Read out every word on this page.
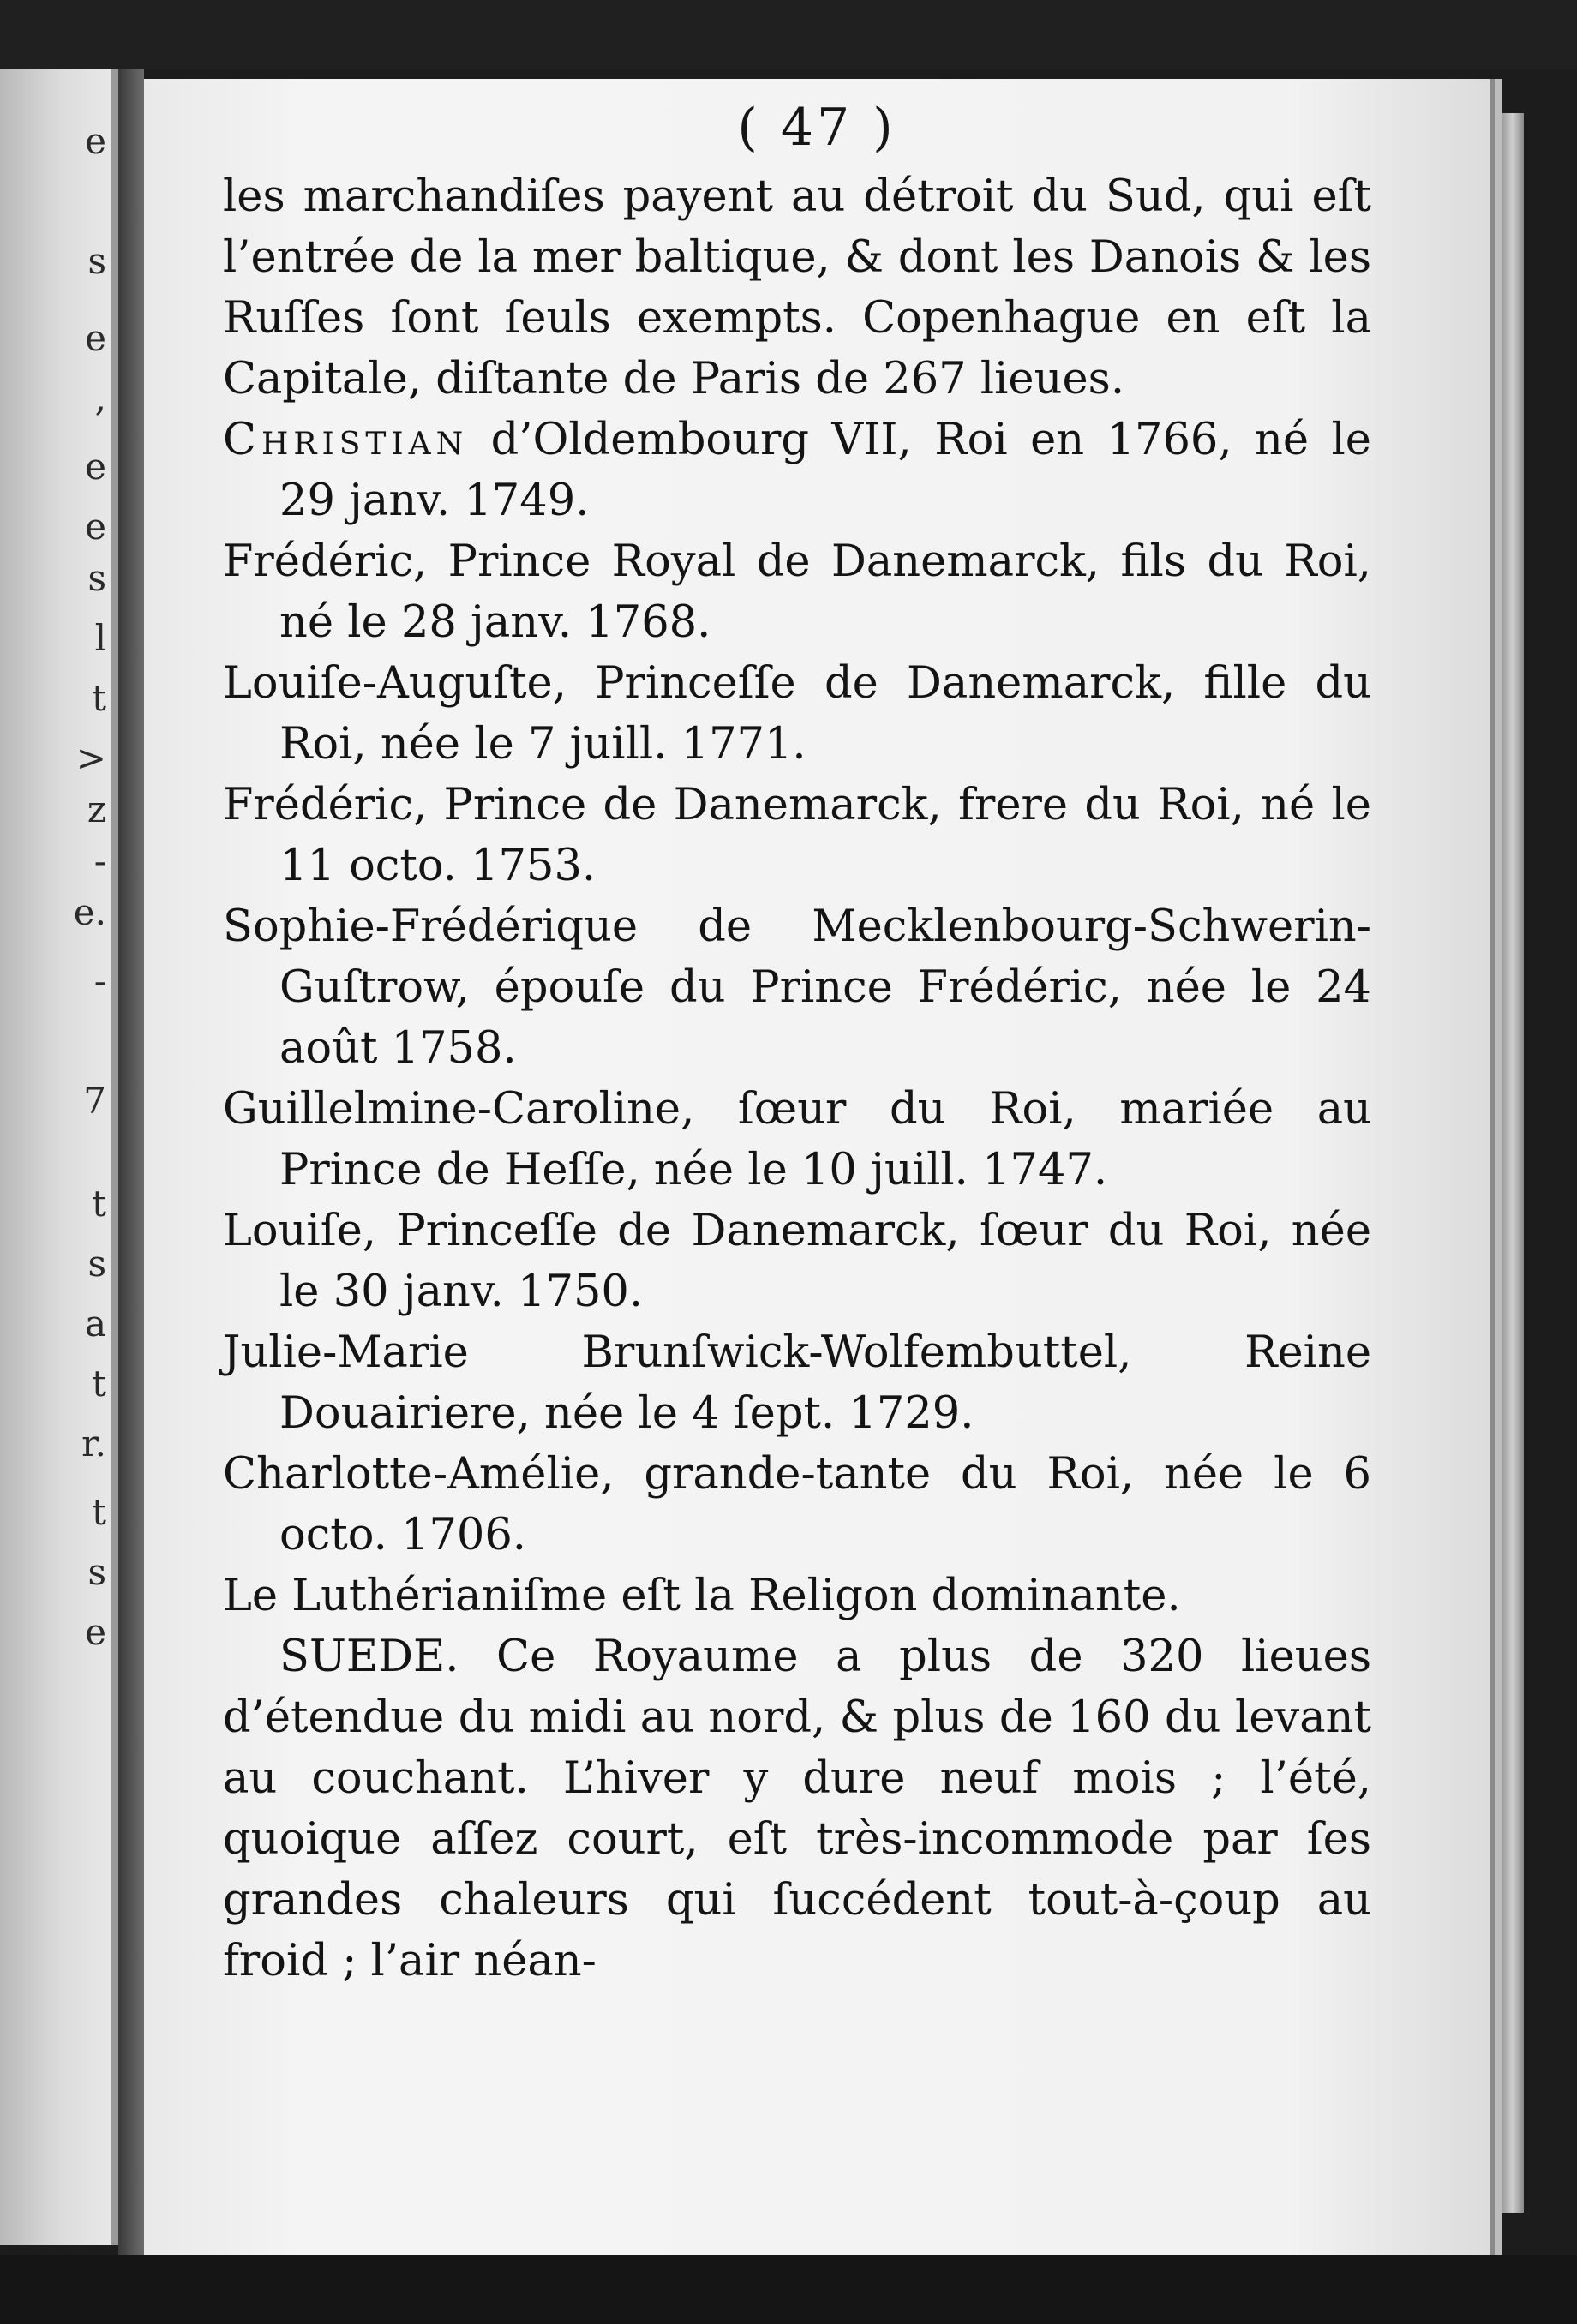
e
s
e
,
e
e
s
l
t
>
z
-
e.
-
7
t
s
a
t
r.
t
s
e

( 47 )

les marchandiſes payent au détroit du Sud, qui eſt l’entrée de la mer baltique, & dont les Danois & les Ruſſes ſont ſeuls exempts. Copenhague en eſt la Capitale, diſtante de Paris de 267 lieues.

Christian d’Oldembourg VII, Roi en 1766, né le 29 janv. 1749.

Frédéric, Prince Royal de Danemarck, fils du Roi, né le 28 janv. 1768.

Louiſe-Auguſte, Princeſſe de Danemarck, fille du Roi, née le 7 juill. 1771.

Frédéric, Prince de Danemarck, frere du Roi, né le 11 octo. 1753.

Sophie-Frédérique de Mecklenbourg-Schwerin-Guſtrow, épouſe du Prince Frédéric, née le 24 août 1758.

Guillelmine-Caroline, ſœur du Roi, mariée au Prince de Heſſe, née le 10 juill. 1747.

Louiſe, Princeſſe de Danemarck, ſœur du Roi, née le 30 janv. 1750.

Julie-Marie Brunſwick-Wolfembuttel, Reine Douairiere, née le 4 ſept. 1729.

Charlotte-Amélie, grande-tante du Roi, née le 6 octo. 1706.

Le Luthérianiſme eſt la Religon dominante.

SUEDE. Ce Royaume a plus de 320 lieues d’étendue du midi au nord, & plus de 160 du levant au couchant. L’hiver y dure neuf mois ; l’été, quoique aſſez court, eſt très-incommode par ſes grandes chaleurs qui ſuccédent tout-à-çoup au froid ; l’air néan-
